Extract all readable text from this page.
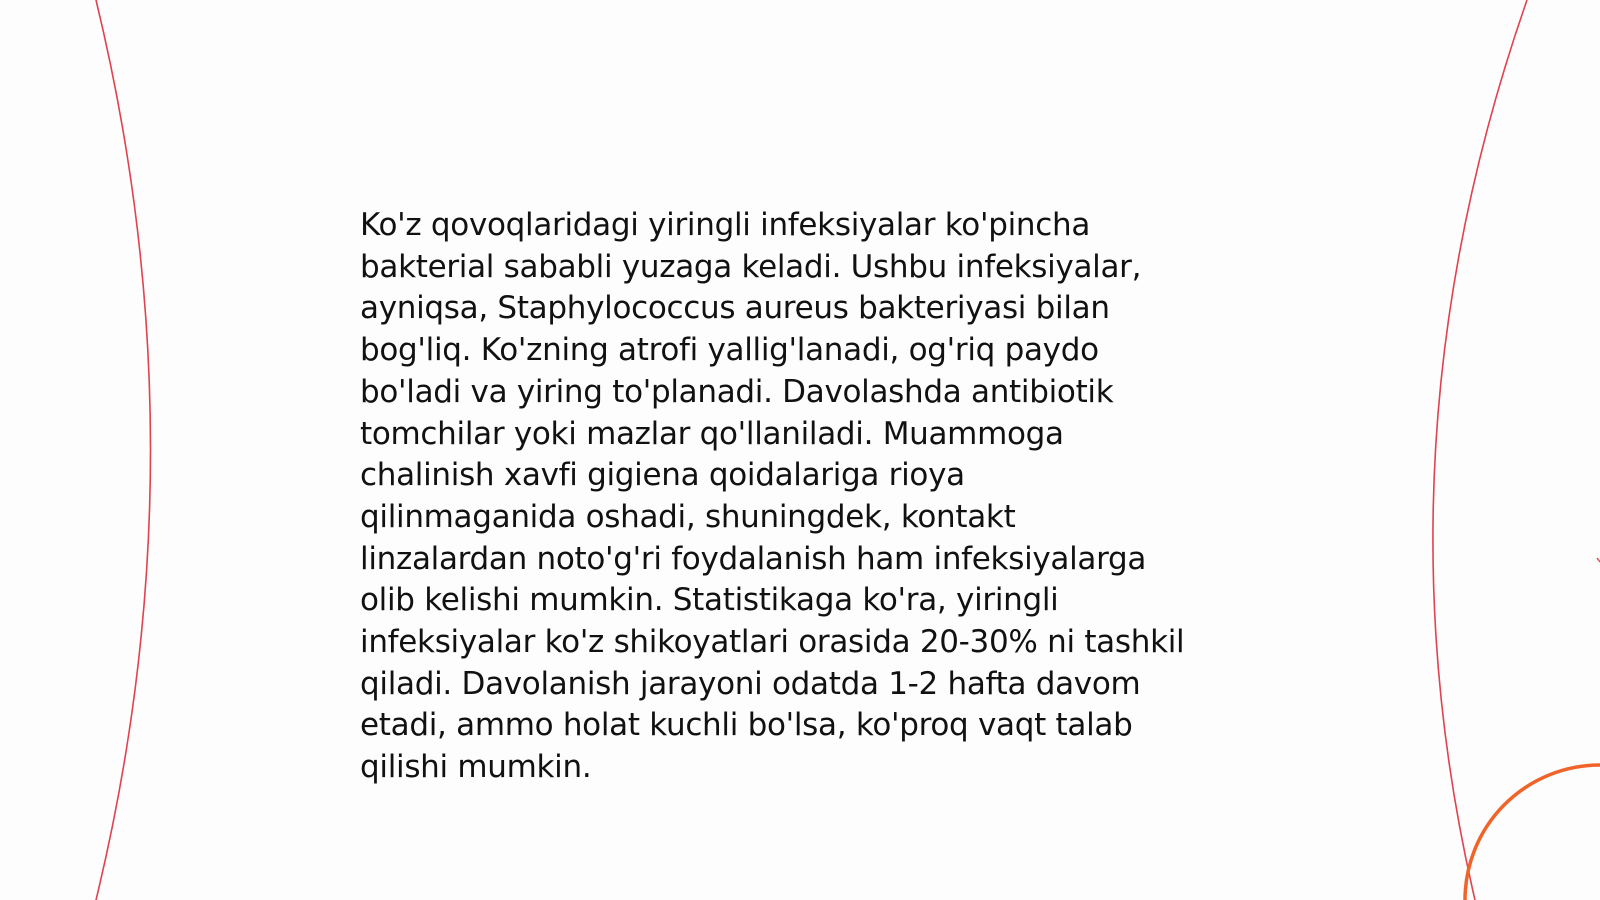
Ko'z qovoqlaridagi yiringli infeksiyalar ko'pincha
bakterial sababli yuzaga keladi. Ushbu infeksiyalar,
ayniqsa, Staphylococcus aureus bakteriyasi bilan
bog'liq. Ko'zning atrofi yallig'lanadi, og'riq paydo
bo'ladi va yiring to'planadi. Davolashda antibiotik
tomchilar yoki mazlar qo'llaniladi. Muammoga
chalinish xavfi gigiena qoidalariga rioya
qilinmaganida oshadi, shuningdek, kontakt
linzalardan noto'g'ri foydalanish ham infeksiyalarga
olib kelishi mumkin. Statistikaga ko'ra, yiringli
infeksiyalar ko'z shikoyatlari orasida 20-30% ni tashkil
qiladi. Davolanish jarayoni odatda 1-2 hafta davom
etadi, ammo holat kuchli bo'lsa, ko'proq vaqt talab
qilishi mumkin.
